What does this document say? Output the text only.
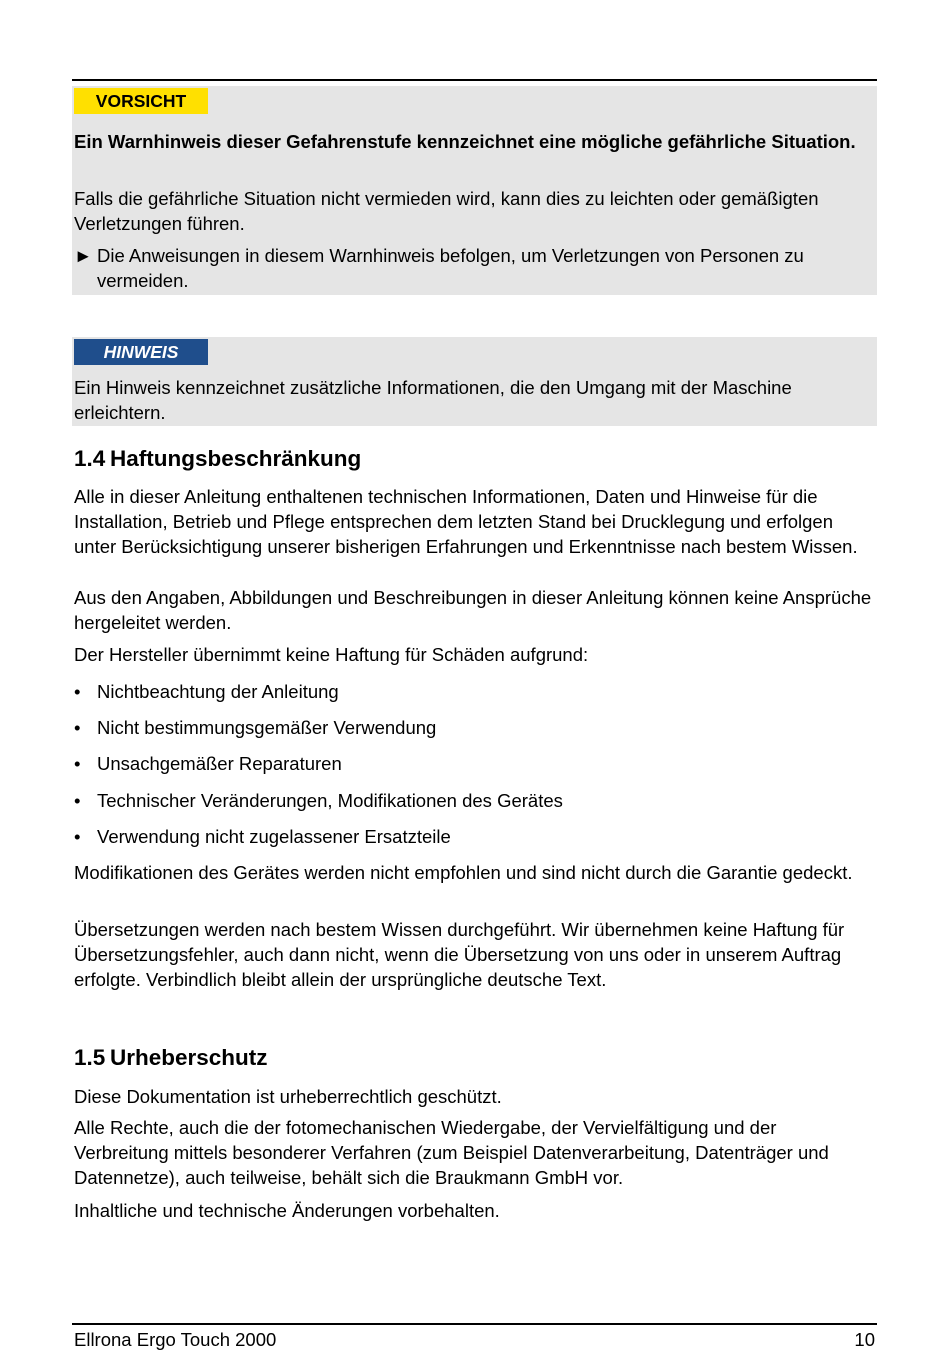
VORSICHT

Ein Warnhinweis dieser Gefahrenstufe kennzeichnet eine mögliche gefährliche Situation.

Falls die gefährliche Situation nicht vermieden wird, kann dies zu leichten oder gemäßigten Verletzungen führen.

► Die Anweisungen in diesem Warnhinweis befolgen, um Verletzungen von Personen zu vermeiden.
HINWEIS

Ein Hinweis kennzeichnet zusätzliche Informationen, die den Umgang mit der Maschine erleichtern.

1.4 Haftungsbeschränkung

Alle in dieser Anleitung enthaltenen technischen Informationen, Daten und Hinweise für die Installation, Betrieb und Pflege entsprechen dem letzten Stand bei Drucklegung und erfolgen unter Berücksichtigung unserer bisherigen Erfahrungen und Erkenntnisse nach bestem Wissen.

Aus den Angaben, Abbildungen und Beschreibungen in dieser Anleitung können keine Ansprüche hergeleitet werden.

Der Hersteller übernimmt keine Haftung für Schäden aufgrund:

• Nichtbeachtung der Anleitung
• Nicht bestimmungsgemäßer Verwendung
• Unsachgemäßer Reparaturen
• Technischer Veränderungen, Modifikationen des Gerätes
• Verwendung nicht zugelassener Ersatzteile

Modifikationen des Gerätes werden nicht empfohlen und sind nicht durch die Garantie gedeckt.

Übersetzungen werden nach bestem Wissen durchgeführt. Wir übernehmen keine Haftung für Übersetzungsfehler, auch dann nicht, wenn die Übersetzung von uns oder in unserem Auftrag erfolgte. Verbindlich bleibt allein der ursprüngliche deutsche Text.

1.5 Urheberschutz

Diese Dokumentation ist urheberrechtlich geschützt.

Alle Rechte, auch die der fotomechanischen Wiedergabe, der Vervielfältigung und der Verbreitung mittels besonderer Verfahren (zum Beispiel Datenverarbeitung, Datenträger und Datennetze), auch teilweise, behält sich die Braukmann GmbH vor.

Inhaltliche und technische Änderungen vorbehalten.

Ellrona Ergo Touch 2000	10
